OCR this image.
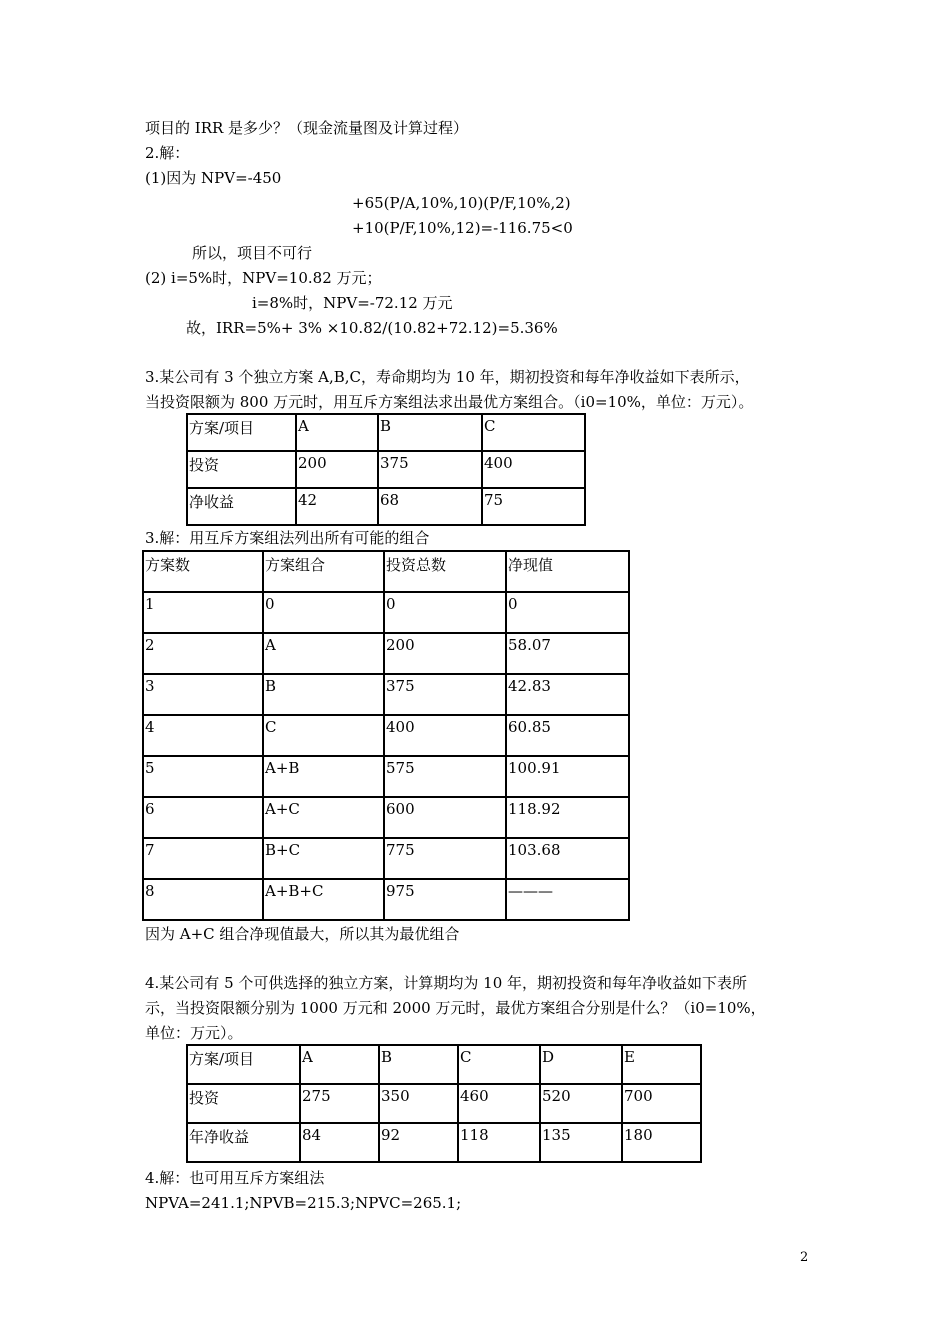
项目的 IRR 是多少？（现金流量图及计算过程）
2.解：
(1)因为 NPV=-450
+65(P/A,10%,10)(P/F,10%,2)
+10(P/F,10%,12)=-116.75<0
所以，项目不可行
(2) i=5%时，NPV=10.82 万元；
i=8%时，NPV=-72.12 万元
故，IRR=5%+ 3% ×10.82/(10.82+72.12)=5.36%
3.某公司有 3 个独立方案 A,B,C，寿命期均为 10 年，期初投资和每年净收益如下表所示，
当投资限额为 800 万元时，用互斥方案组法求出最优方案组合。（i0=10%，单位：万元）。
方案/项目	A	B	C
投资	200	375	400
净收益	42	68	75
3.解：用互斥方案组法列出所有可能的组合
方案数	方案组合	投资总数	净现值
1	0	0	0
2	A	200	58.07
3	B	375	42.83
4	C	400	60.85
5	A+B	575	100.91
6	A+C	600	118.92
7	B+C	775	103.68
8	A+B+C	975	———
因为 A+C 组合净现值最大，所以其为最优组合
4.某公司有 5 个可供选择的独立方案，计算期均为 10 年，期初投资和每年净收益如下表所
示，当投资限额分别为 1000 万元和 2000 万元时，最优方案组合分别是什么？（i0=10%，
单位：万元）。
方案/项目	A	B	C	D	E
投资	275	350	460	520	700
年净收益	84	92	118	135	180
4.解：也可用互斥方案组法
NPVA=241.1;NPVB=215.3;NPVC=265.1;
2
